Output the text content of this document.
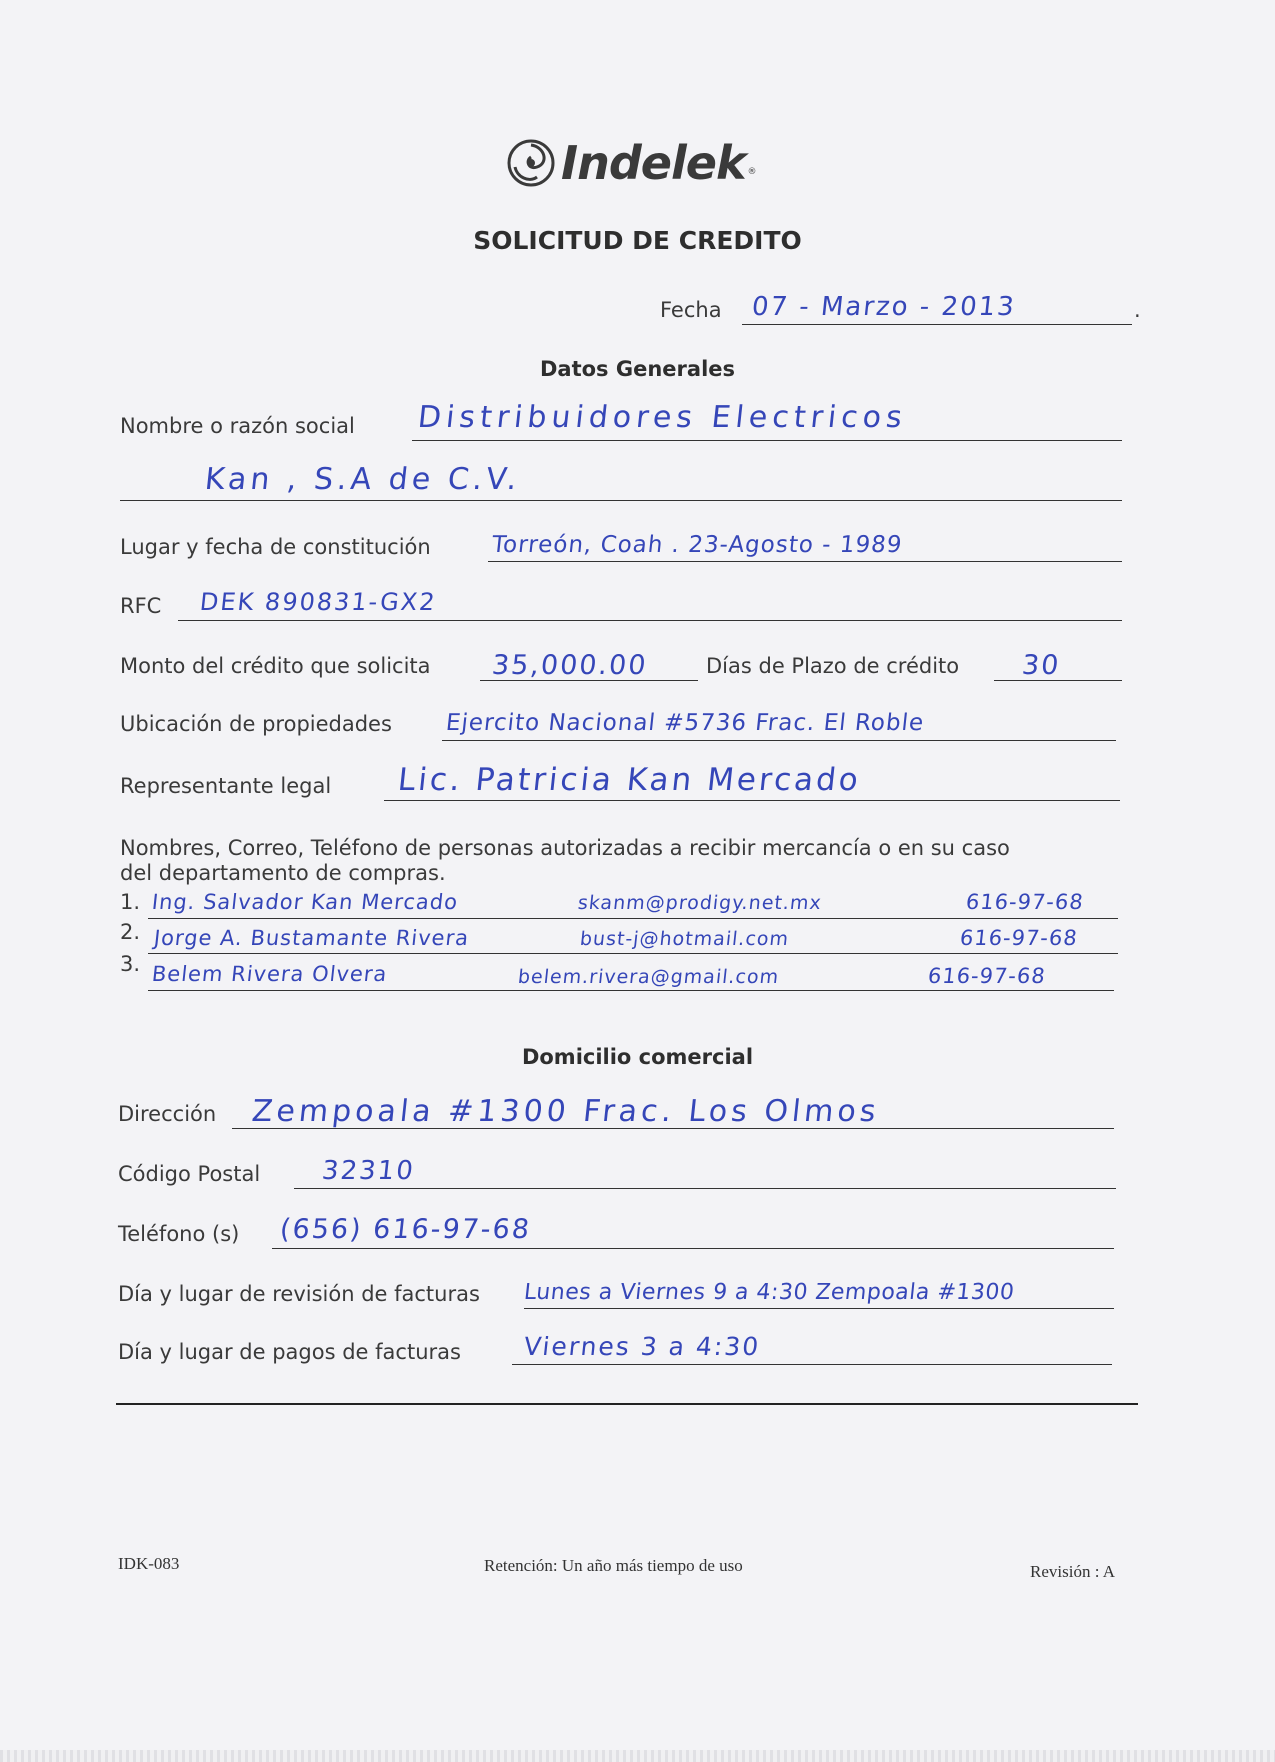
Indelek ®
SOLICITUD DE CREDITO
Fecha	.
07 - Marzo - 2013
Datos Generales
Nombre o razón social Distribuidores Electricos
Kan , S.A de C.V.
Lugar y fecha de constitución	Torreón, Coah . 23-Agosto - 1989
RFC DEK 890831-GX2
Monto del crédito que solicita 35,000.00	Días de Plazo de crédito 30
Ubicación de propiedades Ejercito Nacional #5736 Frac. El Roble
Representante legal Lic. Patricia Kan Mercado
Nombres, Correo, Teléfono de personas autorizadas a recibir mercancía o en su caso
del departamento de compras.
1. Ing. Salvador Kan Mercado	skanm@prodigy.net.mx	616-97-68
2. Jorge A. Bustamante Rivera	bust-j@hotmail.com	616-97-68
3. Belem Rivera Olvera	belem.rivera@gmail.com	616-97-68
Domicilio comercial
Dirección Zempoala #1300 Frac. Los Olmos
Código Postal 32310
Teléfono (s) (656) 616-97-68
Día y lugar de revisión de facturas Lunes a Viernes 9 a 4:30 Zempoala #1300
Día y lugar de pagos de facturas Viernes 3 a 4:30
IDK-083	Retención: Un año más tiempo de uso	Revisión : A
